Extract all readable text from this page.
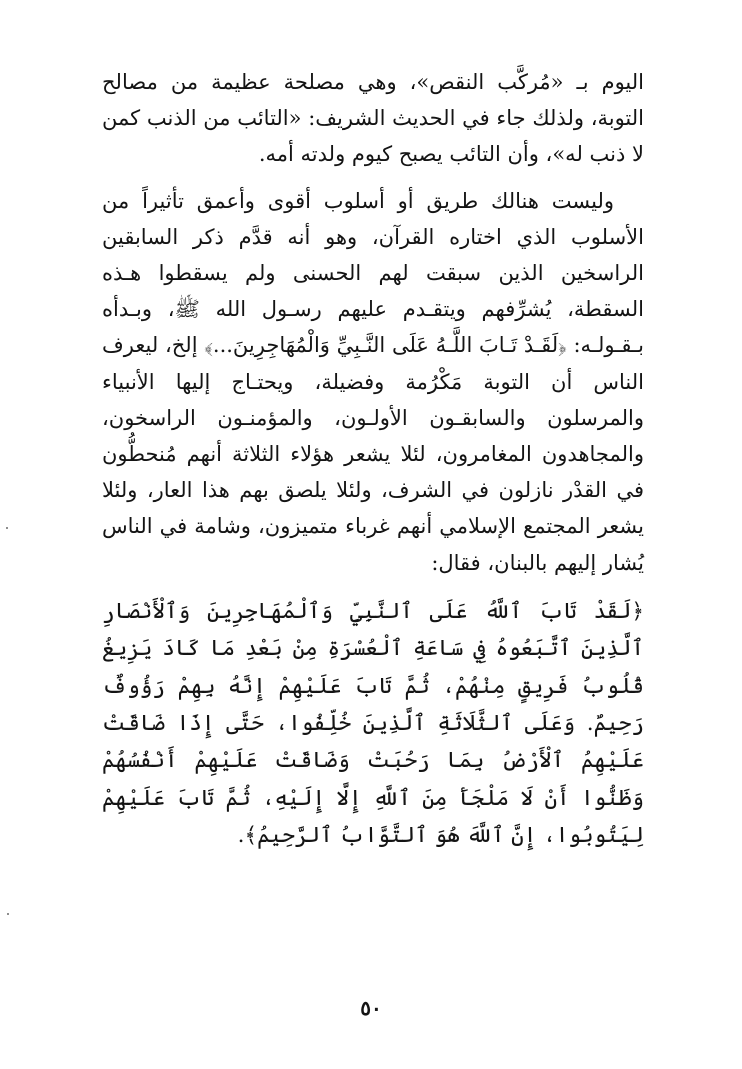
اليوم بـ «مُركَّب النقص»، وهي مصلحة عظيمة من مصالح التوبة، ولذلك جاء في الحديث الشريف: «التائب من الذنب كمن لا ذنب له»، وأن التائب يصبح كيوم ولدته أمه.

وليست هنالك طريق أو أسلوب أقوى وأعمق تأثيراً من الأسلوب الذي اختاره القرآن، وهو أنه قدَّم ذكر السابقين الراسخين الذين سبقت لهم الحسنى ولم يسقطوا هـذه السقطة، يُشرِّفهم ويتقـدم عليهم رسـول الله ﷺ، وبـدأه بـقـولـه: ﴿لَقَـدْ تَـابَ اللَّـهُ عَلَى النَّـبِيِّ وَالْمُهَاجِرِينَ...﴾ إلخ، ليعرف الناس أن التوبة مَكْرُمة وفضيلة، ويحتـاج إليها الأنبياء والمرسلون والسابقـون الأولـون، والمؤمنـون الراسخون، والمجاهدون المغامرون، لئلا يشعر هؤلاء الثلاثة أنهم مُنحطُّون في القدْر نازلون في الشرف، ولئلا يلصق بهم هذا العار، ولئلا يشعر المجتمع الإسلامي أنهم غرباء متميزون، وشامة في الناس يُشار إليهم بالبنان، فقال:

﴿لَقَدْ تَابَ ٱللَّهُ عَلَى ٱلنَّبِيِّ وَٱلْمُهَاجِرِينَ وَٱلْأَنْصَارِ ٱلَّذِينَ ٱتَّبَعُوهُ فِي سَاعَةِ ٱلْعُسْرَةِ مِنْ بَعْدِ مَا كَادَ يَزِيغُ قُلُوبُ فَرِيقٍ مِنْهُمْ، ثُمَّ تَابَ عَلَيْهِمْ إِنَّهُ بِهِمْ رَؤُوفٌ رَحِيمٌ. وَعَلَى ٱلثَّلَاثَةِ ٱلَّذِينَ خُلِّفُوا، حَتَّى إِذَا ضَاقَتْ عَلَيْهِمُ ٱلْأَرْضُ بِمَا رَحُبَتْ وَضَاقَتْ عَلَيْهِمْ أَنْفُسُهُمْ وَظَنُّوا أَنْ لَا مَلْجَأَ مِنَ ٱللَّهِ إِلَّا إِلَيْهِ، ثُمَّ تَابَ عَلَيْهِمْ لِيَتُوبُوا، إِنَّ ٱللَّهَ هُوَ ٱلتَّوَّابُ ٱلرَّحِيمُ﴾.

٥٠
